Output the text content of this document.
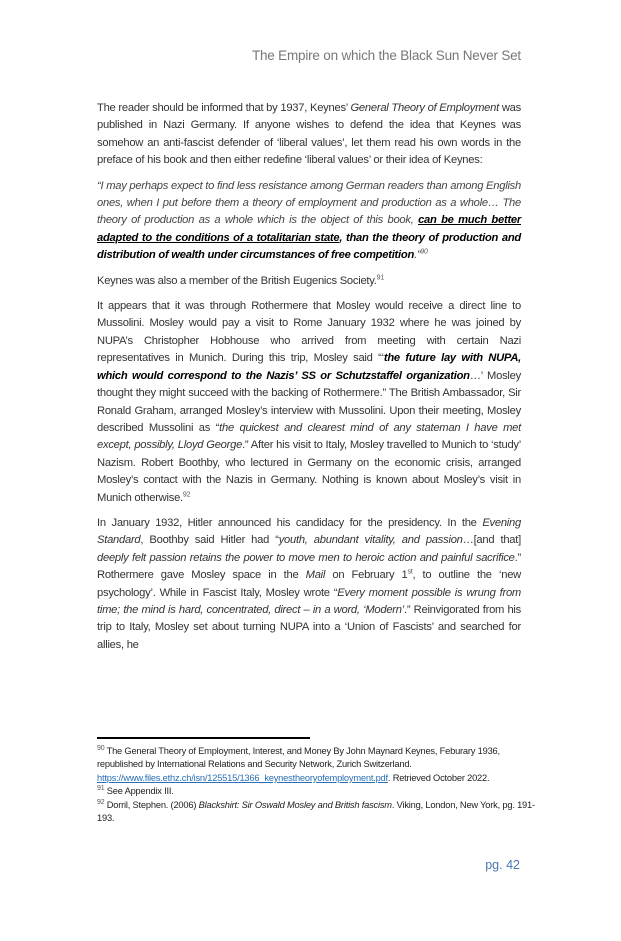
The Empire on which the Black Sun Never Set

The reader should be informed that by 1937, Keynes’ General Theory of Employment was published in Nazi Germany. If anyone wishes to defend the idea that Keynes was somehow an anti-fascist defender of ‘liberal values’, let them read his own words in the preface of his book and then either redefine ‘liberal values’ or their idea of Keynes:

“I may perhaps expect to find less resistance among German readers than among English ones, when I put before them a theory of employment and production as a whole… The theory of production as a whole which is the object of this book, can be much better adapted to the conditions of a totalitarian state, than the theory of production and distribution of wealth under circumstances of free competition.”$^{90}$

Keynes was also a member of the British Eugenics Society.$^{91}$

It appears that it was through Rothermere that Mosley would receive a direct line to Mussolini. Mosley would pay a visit to Rome January 1932 where he was joined by NUPA’s Christopher Hobhouse who arrived from meeting with certain Nazi representatives in Munich. During this trip, Mosley said “‘the future lay with NUPA, which would correspond to the Nazis’ SS or Schutzstaffel organization…’ Mosley thought they might succeed with the backing of Rothermere.” The British Ambassador, Sir Ronald Graham, arranged Mosley’s interview with Mussolini. Upon their meeting, Mosley described Mussolini as “the quickest and clearest mind of any stateman I have met except, possibly, Lloyd George.” After his visit to Italy, Mosley travelled to Munich to ‘study’ Nazism. Robert Boothby, who lectured in Germany on the economic crisis, arranged Mosley’s contact with the Nazis in Germany. Nothing is known about Mosley’s visit in Munich otherwise.$^{92}$

In January 1932, Hitler announced his candidacy for the presidency. In the Evening Standard, Boothby said Hitler had “youth, abundant vitality, and passion…[and that] deeply felt passion retains the power to move men to heroic action and painful sacrifice.” Rothermere gave Mosley space in the Mail on February 1st, to outline the ‘new psychology’. While in Fascist Italy, Mosley wrote “Every moment possible is wrung from time; the mind is hard, concentrated, direct – in a word, ‘Modern’.” Reinvigorated from his trip to Italy, Mosley set about turning NUPA into a ‘Union of Fascists’ and searched for allies, he

$^{90}$ The General Theory of Employment, Interest, and Money By John Maynard Keynes, Feburary 1936, republished by International Relations and Security Network, Zurich Switzerland. https://www.files.ethz.ch/isn/125515/1366_keynestheoryofemployment.pdf. Retrieved October 2022.
$^{91}$ See Appendix III.
$^{92}$ Dorril, Stephen. (2006) Blackshirt: Sir Oswald Mosley and British fascism. Viking, London, New York, pg. 191-193.
pg. 42
